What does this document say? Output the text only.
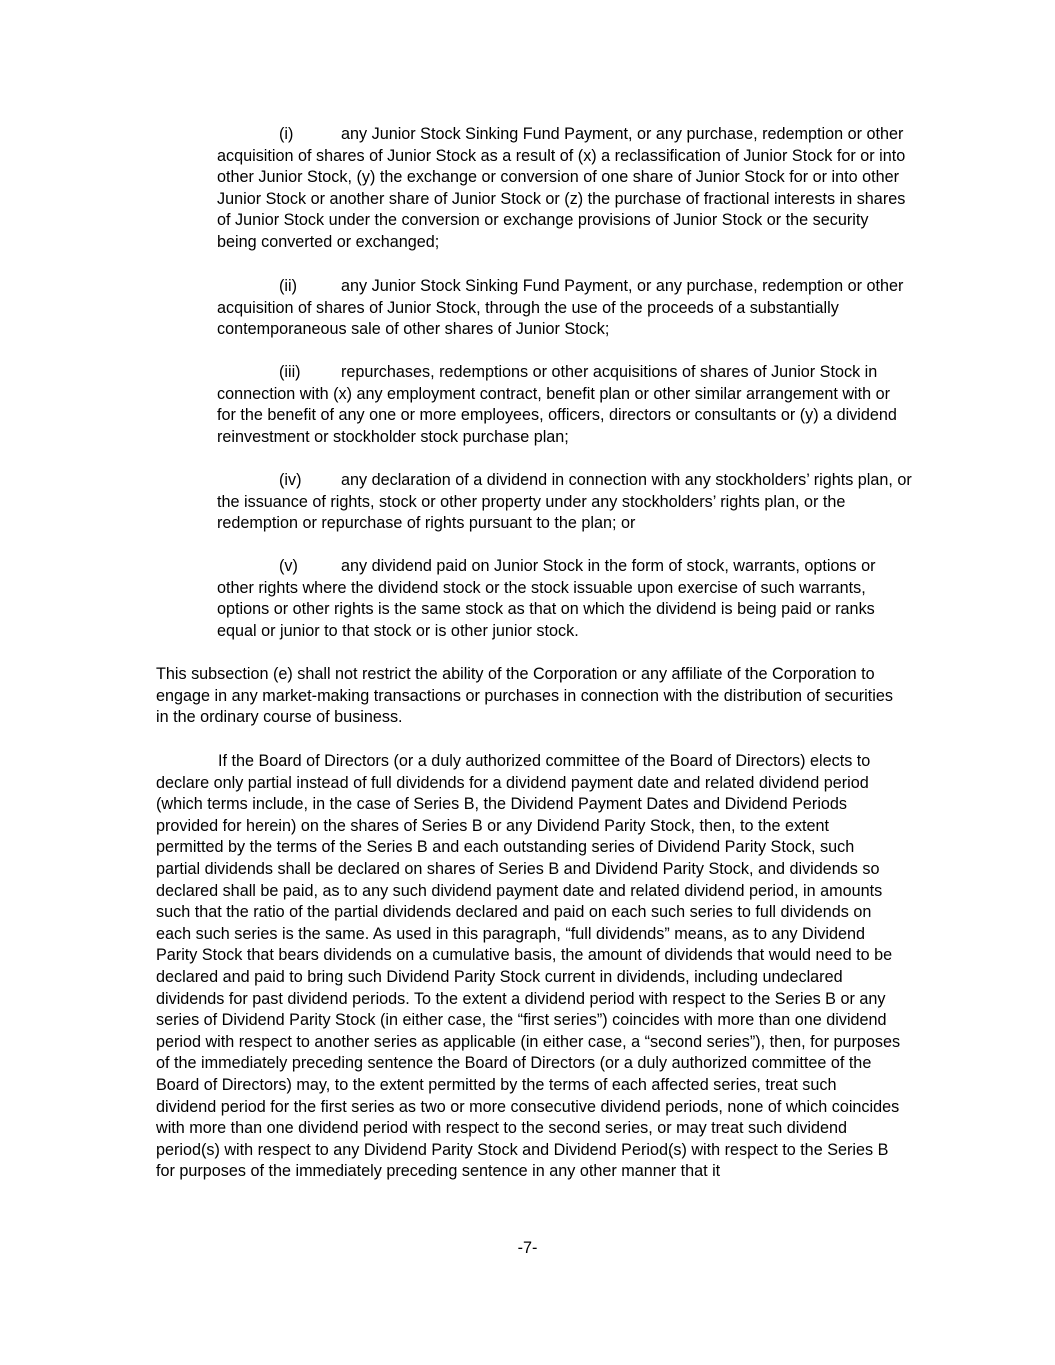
(i)	any Junior Stock Sinking Fund Payment, or any purchase, redemption or other acquisition of shares of Junior Stock as a result of (x) a reclassification of Junior Stock for or into other Junior Stock, (y) the exchange or conversion of one share of Junior Stock for or into other Junior Stock or another share of Junior Stock or (z) the purchase of fractional interests in shares of Junior Stock under the conversion or exchange provisions of Junior Stock or the security being converted or exchanged;

(ii)	any Junior Stock Sinking Fund Payment, or any purchase, redemption or other acquisition of shares of Junior Stock, through the use of the proceeds of a substantially contemporaneous sale of other shares of Junior Stock;

(iii) repurchases, redemptions or other acquisitions of shares of Junior Stock in connection with (x) any employment contract, benefit plan or other similar arrangement with or for the benefit of any one or more employees, officers, directors or consultants or (y) a dividend reinvestment or stockholder stock purchase plan;

(iv) any declaration of a dividend in connection with any stockholders’ rights plan, or the issuance of rights, stock or other property under any stockholders’ rights plan, or the redemption or repurchase of rights pursuant to the plan; or

(v)	any dividend paid on Junior Stock in the form of stock, warrants, options or other rights where the dividend stock or the stock issuable upon exercise of such warrants, options or other rights is the same stock as that on which the dividend is being paid or ranks equal or junior to that stock or is other junior stock.

This subsection (e) shall not restrict the ability of the Corporation or any affiliate of the Corporation to engage in any market-making transactions or purchases in connection with the distribution of securities in the ordinary course of business.

If the Board of Directors (or a duly authorized committee of the Board of Directors) elects to declare only partial instead of full dividends for a dividend payment date and related dividend period (which terms include, in the case of Series B, the Dividend Payment Dates and Dividend Periods provided for herein) on the shares of Series B or any Dividend Parity Stock, then, to the extent permitted by the terms of the Series B and each outstanding series of Dividend Parity Stock, such partial dividends shall be declared on shares of Series B and Dividend Parity Stock, and dividends so declared shall be paid, as to any such dividend payment date and related dividend period, in amounts such that the ratio of the partial dividends declared and paid on each such series to full dividends on each such series is the same. As used in this paragraph, “full dividends” means, as to any Dividend Parity Stock that bears dividends on a cumulative basis, the amount of dividends that would need to be declared and paid to bring such Dividend Parity Stock current in dividends, including undeclared dividends for past dividend periods. To the extent a dividend period with respect to the Series B or any series of Dividend Parity Stock (in either case, the “first series”) coincides with more than one dividend period with respect to another series as applicable (in either case, a “second series”), then, for purposes of the immediately preceding sentence the Board of Directors (or a duly authorized committee of the Board of Directors) may, to the extent permitted by the terms of each affected series, treat such dividend period for the first series as two or more consecutive dividend periods, none of which coincides with more than one dividend period with respect to the second series, or may treat such dividend period(s) with respect to any Dividend Parity Stock and Dividend Period(s) with respect to the Series B for purposes of the immediately preceding sentence in any other manner that it

-7-
